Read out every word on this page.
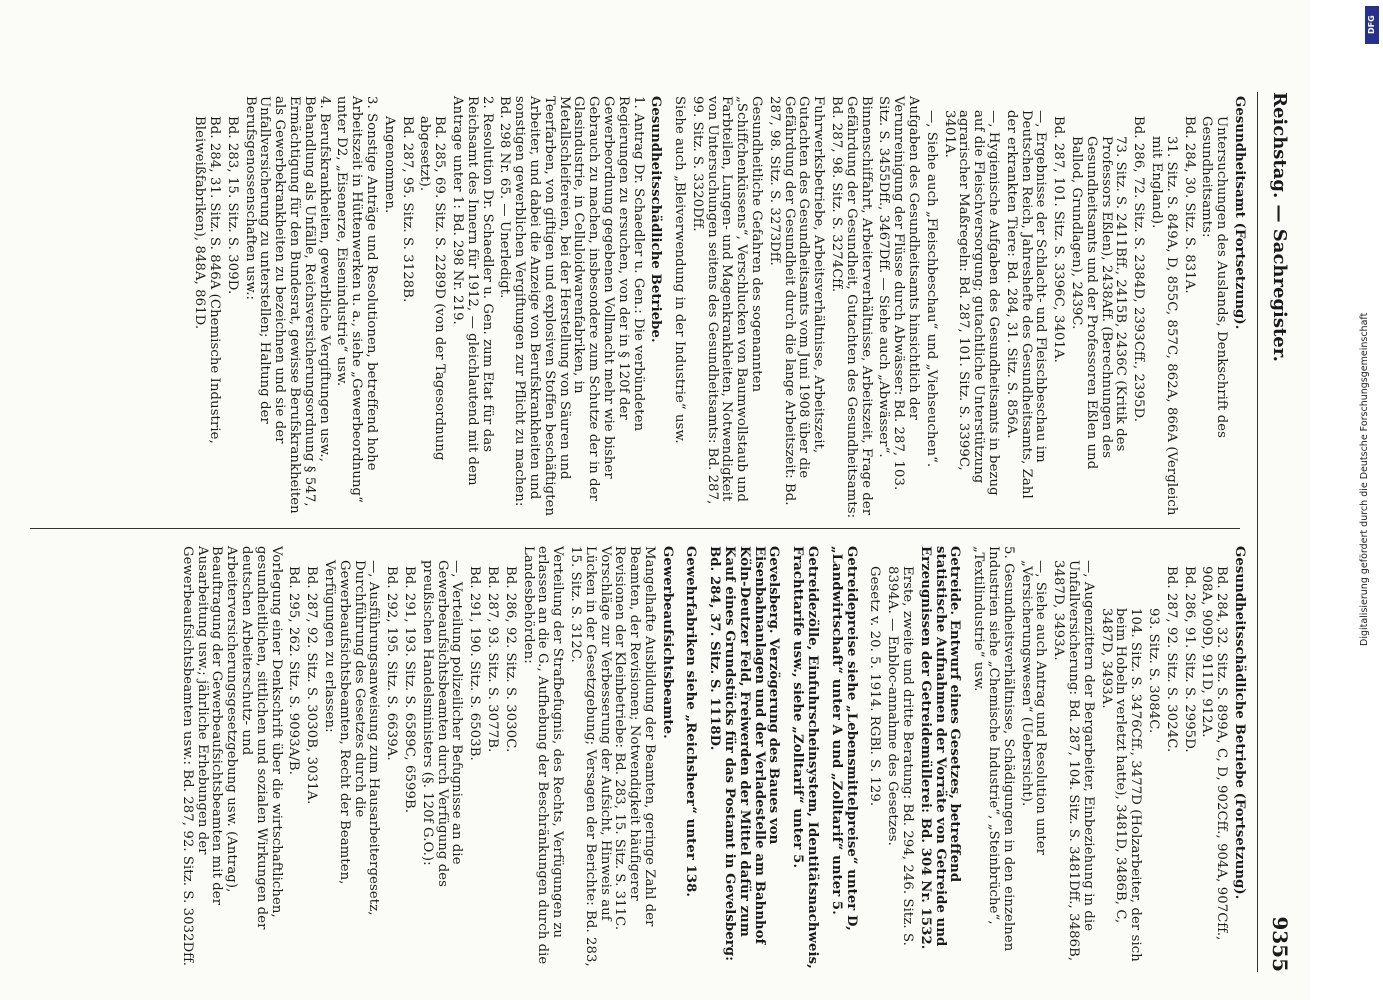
Reichstag. — Sachregister.
9355

Gesundheitsamt (Fortsetzung).

Untersuchungen des Auslands, Denkschrift des Gesundheitsamts:

Bd. 284, 30. Sitz. S. 831A.

31. Sitz. S. 849A, D, 855C, 857C, 862A, 866A (Vergleich mit England).

Bd. 286, 72. Sitz. S. 2384D, 2393Cff., 2395D.

73. Sitz. S. 2411Bff., 2415B, 2436C (Kritik des Professors Eßlen), 2438Aff. (Berechnungen des Gesundheitsamts und der Professoren Eßlen und Ballod, Grundlagen), 2439C.

Bd. 287, 101. Sitz. S. 3396C, 3401A.

—, Ergebnisse der Schlacht- und Fleischbeschau im Deutschen Reich, Jahreshefte des Gesundheitsamts, Zahl der erkrankten Tiere: Bd. 284, 31. Sitz. S. 856A.

—, Hygienische Aufgaben des Gesundheitsamts in bezug auf die Fleischversorgung; gutachtliche Unterstützung agrarischer Maßregeln: Bd. 287, 101. Sitz. S. 3399C, 3401A.

—, Siehe auch „Fleischbeschau“ und „Viehseuchen“.

Aufgaben des Gesundheitsamts hinsichtlich der Verunreinigung der Flüsse durch Abwässer: Bd. 287, 103. Sitz. S. 3455Dff., 3467Dff. — Siehe auch „Abwässer“.

Binnenschiffahrt, Arbeiterverhältnisse, Arbeitszeit, Frage der Gefährdung der Gesundheit, Gutachten des Gesundheitsamts: Bd. 287, 98. Sitz. S. 3274Cff.

Fuhrwerksbetriebe, Arbeitsverhältnisse, Arbeitszeit, Gutachten des Gesundheitsamts vom Juni 1908 über die Gefährdung der Gesundheit durch die lange Arbeitszeit: Bd. 287, 98. Sitz. S. 3273Dff.

Gesundheitliche Gefahren des sogenannten „Schiffchenküssens“, Verschlucken von Baumwollstaub und Farbteilen, Lungen- und Magenkrankheiten, Notwendigkeit von Untersuchungen seitens des Gesundheitsamts: Bd. 287, 99. Sitz. S. 3320Dff.

Siehe auch „Bleiverwendung in der Industrie“ usw.

Gesundheitsschädliche Betriebe.

1. Antrag Dr. Schaedler u. Gen.: Die verbündeten Regierungen zu ersuchen, von der in § 120f der Gewerbeordnung gegebenen Vollmacht mehr wie bisher Gebrauch zu machen, insbesondere zum Schutze der in der Glasindustrie, in Celluloidwarenfabriken, in Metallschleifereien, bei der Herstellung von Säuren und Teerfarben, von giftigen und explosiven Stoffen beschäftigten Arbeiter, und dabei die Anzeige von Berufskrankheiten und sonstigen gewerblichen Vergiftungen zur Pflicht zu machen: Bd. 298 Nr. 65. — Unerledigt.

2. Resolution Dr. Schaedler u. Gen. zum Etat für das Reichsamt des Innern für 1912, — gleichlautend mit dem Antrage unter 1: Bd. 298 Nr. 219.

Bd. 285, 69. Sitz. S. 2289D (von der Tagesordnung abgesetzt).

Bd. 287, 95. Sitz. S. 3128B.

Angenommen.

3. Sonstige Anträge und Resolutionen, betreffend hohe Arbeitszeit in Hüttenwerken u. a., siehe „Gewerbeordnung“ unter D2, „Eisenerze, Eisenindustrie“ usw.

4. Berufskrankheiten, gewerbliche Vergiftungen usw., Behandlung als Unfälle, Reichsversicherungsordnung § 547, Ermächtigung für den Bundesrat, gewisse Berufskrankheiten als Gewerbekrankheiten zu bezeichnen und sie der Unfallversicherung zu unterstellen; Haltung der Berufsgenossenschaften usw.:

Bd. 283, 15. Sitz. S. 309D.

Bd. 284, 31. Sitz. S. 846A (Chemische Industrie, Bleiweißfabriken), 848A, 861D.

Gesundheitsschädliche Betriebe (Fortsetzung).

Bd. 284, 32. Sitz. S. 899A, C, D, 902Cff., 904A, 907Cff., 908A, 909D, 911D, 912A.

Bd. 286, 91. Sitz. S. 2995D.

Bd. 287, 92. Sitz. S. 3024C.

93. Sitz. S. 3084C.

104. Sitz. S. 3476Cff., 3477D (Holzarbeiter, der sich beim Hobeln verletzt hatte), 3481D, 3486B, C, 3487D, 3493A.

—, Augenzittern der Bergarbeiter, Einbeziehung in die Unfallversicherung: Bd. 287, 104. Sitz. S. 3481Dff., 3486B, 3487D, 3493A.

—, Siehe auch Antrag und Resolution unter „Versicherungswesen“ (Uebersicht).

5. Gesundheitsverhältnisse, Schädigungen in den einzelnen Industrien siehe „Chemische Industrie“, „Steinbrüche“, „Textilindustrie“ usw.

Getreide. Entwurf eines Gesetzes, betreffend statistische Aufnahmen der Vorräte von Getreide und Erzeugnissen der Getreidemüllerei: Bd. 304 Nr. 1532.

Erste, zweite und dritte Beratung: Bd. 294, 246. Sitz. S. 8394A. — Enbloc-annahme des Gesetzes.

Gesetz v. 20. 5. 1914. RGBl. S. 129.

Getreidepreise siehe „Lebensmittelpreise“ unter D, „Landwirtschaft“ unter A und „Zolltarif“ unter 5.

Getreidezölle, Einfuhrscheinsystem, Identitätsnachweis, Frachttarife usw., siehe „Zolltarif“ unter 5.

Gevelsberg. Verzögerung des Baues von Eisenbahnanlagen und der Verladestelle am Bahnhof Köln-Deutzer Feld, Freiwerden der Mittel dafür zum Kauf eines Grundstücks für das Postamt in Gevelsberg: Bd. 284, 37. Sitz. S. 1118D.

Gewehrfabriken siehe „Reichsheer“ unter 138.

Gewerbeaufsichtsbeamte.

Mangelhafte Ausbildung der Beamten, geringe Zahl der Beamten, der Revisionen; Notwendigkeit häufigerer Revisionen der Kleinbetriebe: Bd. 283, 15. Sitz. S. 311C. Vorschläge zur Verbesserung der Aufsicht, Hinweis auf Lücken in der Gesetzgebung; Versagen der Berichte: Bd. 283, 15. Sitz. S. 312C.

Verteilung der Strafbefugnis, des Rechts, Verfügungen zu erlassen an die G., Aufhebung der Beschränkungen durch die Landesbehörden:

Bd. 286, 92. Sitz. S. 3030C.

Bd. 287, 93. Sitz. S. 3077B.

Bd. 291, 190. Sitz. S. 6503B.

—, Verteilung polizeilicher Befugnisse an die Gewerbeaufsichtsbeamten durch Verfügung des preußischen Handelsministers (§. 120f G.O.):

Bd. 291, 193. Sitz. S. 6589C, 6599B.

Bd. 292, 195. Sitz. S. 6639A.

—, Ausführungsanweisung zum Hausarbeitergesetz, Durchführung des Gesetzes durch die Gewerbeaufsichtsbeamten, Recht der Beamten, Verfügungen zu erlassen:

Bd. 287, 92. Sitz. S. 3030B, 3031A.

Bd. 295, 262. Sitz. S. 9093A/B.

Vorlegung einer Denkschrift über die wirtschaftlichen, gesundheitlichen, sittlichen und sozialen Wirkungen der deutschen Arbeiterschutz- und Arbeiterversicherungsgesetzgebung usw. (Antrag), Beauftragung der Gewerbeaufsichtsbeamten mit der Ausarbeitung usw.; jährliche Erhebungen der Gewerbeaufsichtsbeamten usw.: Bd. 287, 92. Sitz. S. 3032Dff.

DFG
Digitalisierung gefördert durch die Deutsche Forschungsgemeinschaft
